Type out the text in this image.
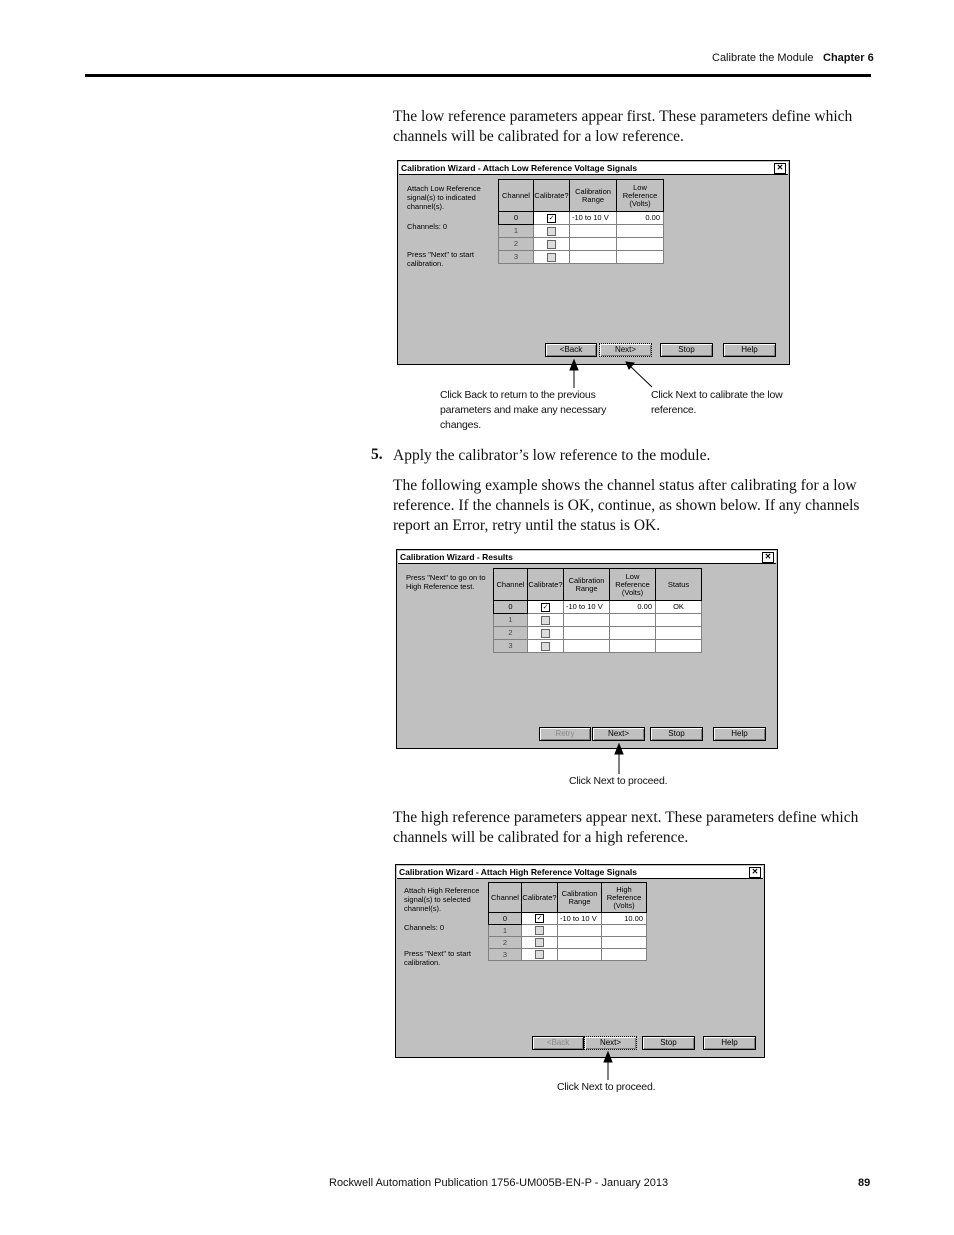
Calibrate the Module Chapter 6

The low reference parameters appear first. These parameters define which channels will be calibrated for a low reference.

Calibration Wizard - Attach Low Reference Voltage Signals	✕
Attach Low Reference signal(s) to indicated channel(s).
Channels: 0
Press "Next" to start calibration.
Channel	Calibrate?	Calibration Range	Low Reference (Volts)
0	✓	-10 to 10 V	0.00
1			
2			
3			
<Back	Next>	Stop	Help
Click Back to return to the previous parameters and make any necessary changes.
Click Next to calibrate the low reference.
5. Apply the calibrator’s low reference to the module.

The following example shows the channel status after calibrating for a low reference. If the channels is OK, continue, as shown below. If any channels report an Error, retry until the status is OK.

Calibration Wizard - Results	✕
Press "Next" to go on to High Reference test.	Channel	Calibrate?	Calibration Range	Low Reference (Volts)	Status
0	✓	-10 to 10 V	0.00	OK
1				
2				
3				
Retry	Next>	Stop	Help
Click Next to proceed.

The high reference parameters appear next. These parameters define which channels will be calibrated for a high reference.

Calibration Wizard - Attach High Reference Voltage Signals	✕
Attach High Reference signal(s) to selected channel(s).
Channels: 0
Press "Next" to start calibration.
Channel	Calibrate?	Calibration Range	High Reference (Volts)
0	✓	-10 to 10 V	10.00
1			
2			
3			
<Back	Next>	Stop	Help
Click Next to proceed.
Rockwell Automation Publication 1756-UM005B-EN-P - January 2013	89
